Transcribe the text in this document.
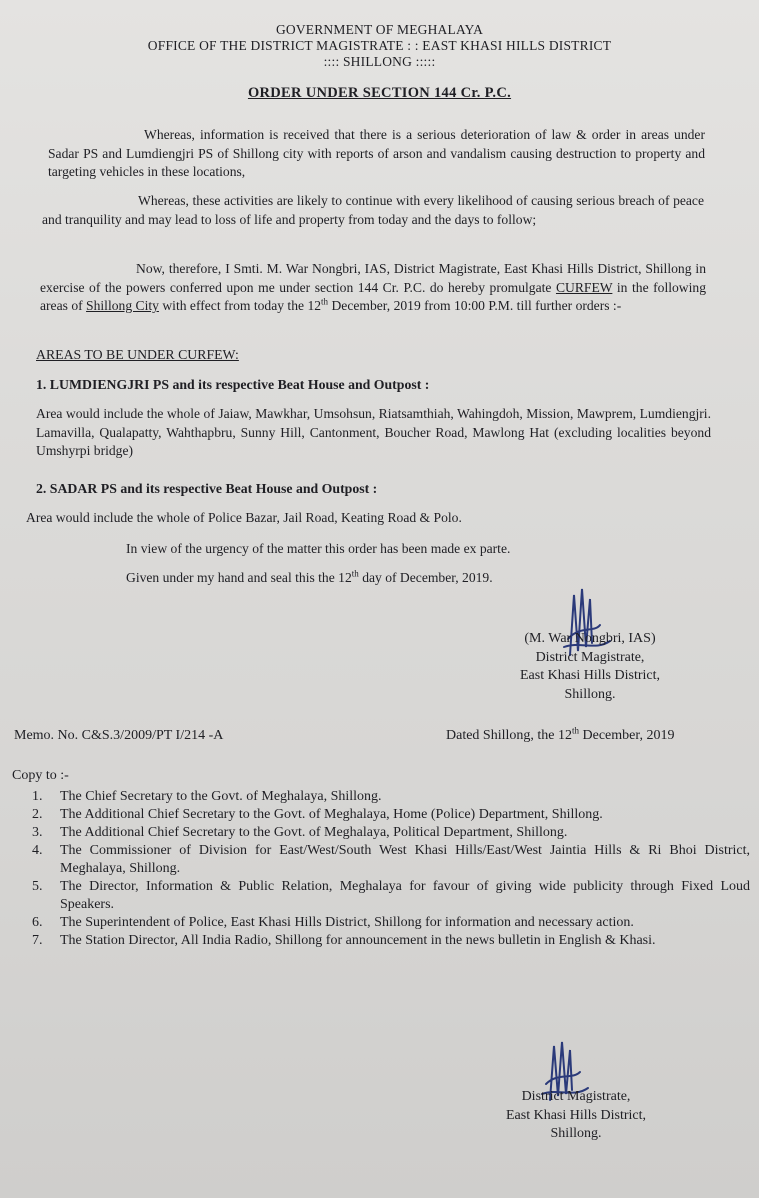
GOVERNMENT OF MEGHALAYA
OFFICE OF THE DISTRICT MAGISTRATE : : EAST KHASI HILLS DISTRICT
:::: SHILLONG :::::
ORDER UNDER SECTION 144 Cr. P.C.
Whereas, information is received that there is a serious deterioration of law & order in areas under Sadar PS and Lumdiengjri PS of Shillong city with reports of arson and vandalism causing destruction to property and targeting vehicles in these locations,
Whereas, these activities are likely to continue with every likelihood of causing serious breach of peace and tranquility and may lead to loss of life and property from today and the days to follow;
Now, therefore, I Smti. M. War Nongbri, IAS, District Magistrate, East Khasi Hills District, Shillong in exercise of the powers conferred upon me under section 144 Cr. P.C. do hereby promulgate CURFEW in the following areas of Shillong City with effect from today the 12th December, 2019 from 10:00 P.M. till further orders :-
AREAS TO BE UNDER CURFEW:
1. LUMDIENGJRI PS and its respective Beat House and Outpost :
Area would include the whole of Jaiaw, Mawkhar, Umsohsun, Riatsamthiah, Wahingdoh, Mission, Mawprem, Lumdiengjri. Lamavilla, Qualapatty, Wahthapbru, Sunny Hill, Cantonment, Boucher Road, Mawlong Hat (excluding localities beyond Umshyrpi bridge)
2. SADAR PS and its respective Beat House and Outpost :
Area would include the whole of Police Bazar, Jail Road, Keating Road & Polo.
In view of the urgency of the matter this order has been made ex parte.
Given under my hand and seal this the 12th day of December, 2019.
(M. War Nongbri, IAS)
District Magistrate,
East Khasi Hills District,
Shillong.
Memo. No. C&S.3/2009/PT I/214 -A	Dated Shillong, the 12th December, 2019
Copy to :-
1. The Chief Secretary to the Govt. of Meghalaya, Shillong.
2. The Additional Chief Secretary to the Govt. of Meghalaya, Home (Police) Department, Shillong.
3. The Additional Chief Secretary to the Govt. of Meghalaya, Political Department, Shillong.
4. The Commissioner of Division for East/West/South West Khasi Hills/East/West Jaintia Hills & Ri Bhoi District, Meghalaya, Shillong.
5. The Director, Information & Public Relation, Meghalaya for favour of giving wide publicity through Fixed Loud Speakers.
6. The Superintendent of Police, East Khasi Hills District, Shillong for information and necessary action.
7. The Station Director, All India Radio, Shillong for announcement in the news bulletin in English & Khasi.
District Magistrate,
East Khasi Hills District,
Shillong.
